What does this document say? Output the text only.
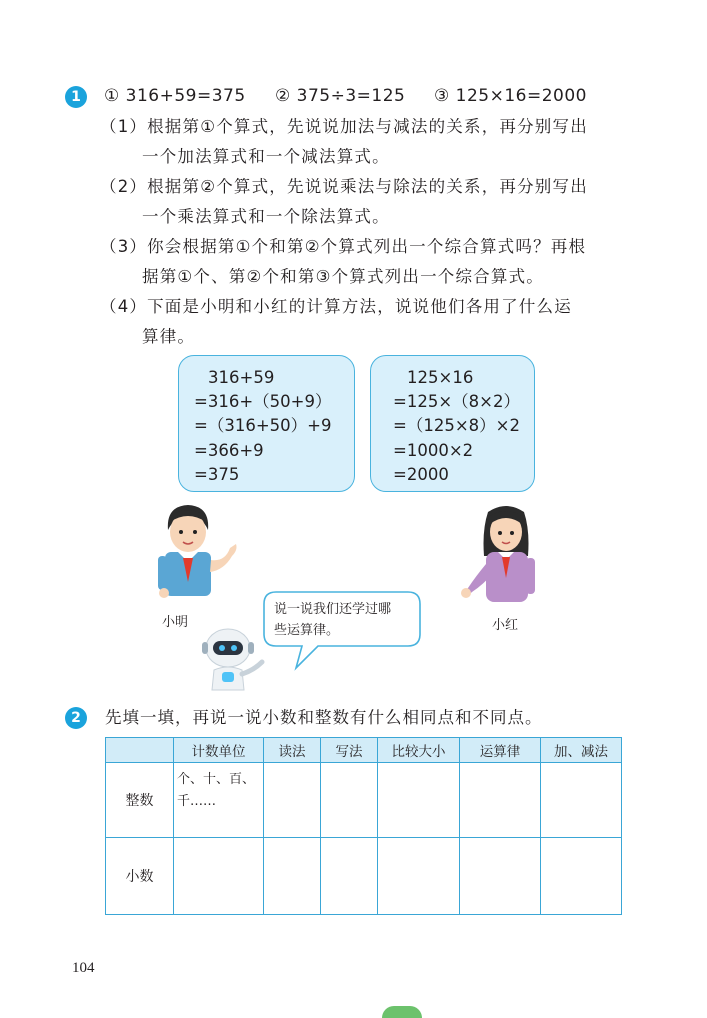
1	① 316+59=375 ② 375÷3=125 ③ 125×16=2000
（1）根据第①个算式，先说说加法与减法的关系，再分别写出
一个加法算式和一个减法算式。
（2）根据第②个算式，先说说乘法与除法的关系，再分别写出
一个乘法算式和一个除法算式。
（3）你会根据第①个和第②个算式列出一个综合算式吗？再根
据第①个、第②个和第③个算式列出一个综合算式。
（4）下面是小明和小红的计算方法，说说他们各用了什么运
算律。
316+59
=316+（50+9）
=（316+50）+9
=366+9
=375
125×16
=125×（8×2）
=（125×8）×2
=1000×2
=2000
小明	小红
说一说我们还学过哪
些运算律。
2	先填一填，再说一说小数和整数有什么相同点和不同点。
	计数单位	读法	写法	比较大小	运算律	加、减法
整数	个、十、百、
千……					

小数						
104
